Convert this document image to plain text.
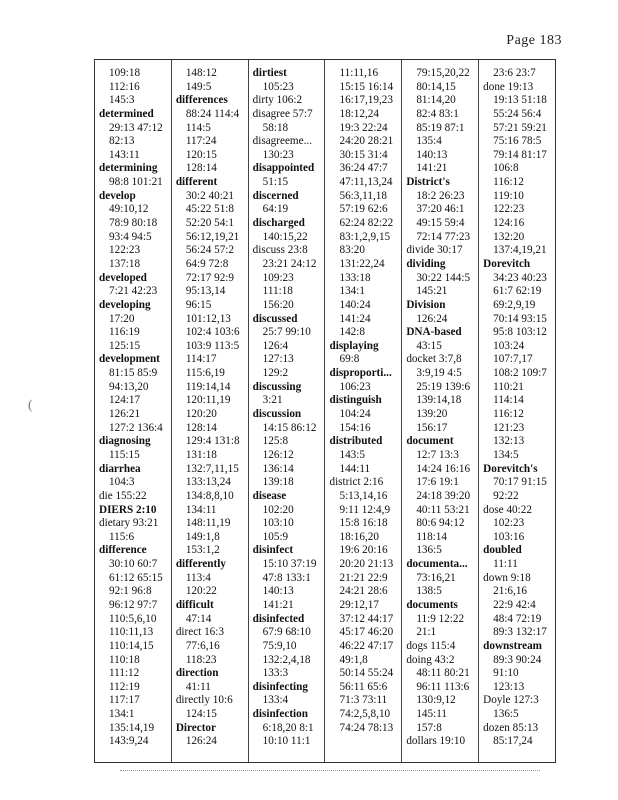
Page 183
(
109:18
112:16
145:3
determined
29:13 47:12
82:13
143:11
determining
98:8 101:21
develop
49:10,12
78:9 80:18
93:4 94:5
122:23
137:18
developed
7:21 42:23
developing
17:20
116:19
125:15
development
81:15 85:9
94:13,20
124:17
126:21
127:2 136:4
diagnosing
115:15
diarrhea
104:3
die 155:22
DIERS 2:10
dietary 93:21
115:6
difference
30:10 60:7
61:12 65:15
92:1 96:8
96:12 97:7
110:5,6,10
110:11,13
110:14,15
110:18
111:12
112:19
117:17
134:1
135:14,19
143:9,24
148:12
149:5
differences
88:24 114:4
114:5
117:24
120:15
128:14
different
30:2 40:21
45:22 51:8
52:20 54:1
56:12,19,21
56:24 57:2
64:9 72:8
72:17 92:9
95:13,14
96:15
101:12,13
102:4 103:6
103:9 113:5
114:17
115:6,19
119:14,14
120:11,19
120:20
128:14
129:4 131:8
131:18
132:7,11,15
133:13,24
134:8,8,10
134:11
148:11,19
149:1,8
153:1,2
differently
113:4
120:22
difficult
47:14
direct 16:3
77:6,16
118:23
direction
41:11
directly 10:6
124:15
Director
126:24
dirtiest
105:23
dirty 106:2
disagree 57:7
58:18
disagreeme...
130:23
disappointed
51:15
discerned
64:19
discharged
140:15,22
discuss 23:8
23:21 24:12
109:23
111:18
156:20
discussed
25:7 99:10
126:4
127:13
129:2
discussing
3:21
discussion
14:15 86:12
125:8
126:12
136:14
139:18
disease
102:20
103:10
105:9
disinfect
15:10 37:19
47:8 133:1
140:13
141:21
disinfected
67:9 68:10
75:9,10
132:2,4,18
133:3
disinfecting
133:4
disinfection
6:18,20 8:1
10:10 11:1
11:11,16
15:15 16:14
16:17,19,23
18:12,24
19:3 22:24
24:20 28:21
30:15 31:4
36:24 47:7
47:11,13,24
56:3,11,18
57:19 62:6
62:24 82:22
83:1,2,9,15
83:20
131:22,24
133:18
134:1
140:24
141:24
142:8
displaying
69:8
disproporti...
106:23
distinguish
104:24
154:16
distributed
143:5
144:11
district 2:16
5:13,14,16
9:11 12:4,9
15:8 16:18
18:16,20
19:6 20:16
20:20 21:13
21:21 22:9
24:21 28:6
29:12,17
37:12 44:17
45:17 46:20
46:22 47:17
49:1,8
50:14 55:24
56:11 65:6
71:3 73:11
74:2,5,8,10
74:24 78:13
79:15,20,22
80:14,15
81:14,20
82:4 83:1
85:19 87:1
135:4
140:13
141:21
District's
18:2 26:23
37:20 46:1
49:15 59:4
72:14 77:23
divide 30:17
dividing
30:22 144:5
145:21
Division
126:24
DNA-based
43:15
docket 3:7,8
3:9,19 4:5
25:19 139:6
139:14,18
139:20
156:17
document
12:7 13:3
14:24 16:16
17:6 19:1
24:18 39:20
40:11 53:21
80:6 94:12
118:14
136:5
documenta...
73:16,21
138:5
documents
11:9 12:22
21:1
dogs 115:4
doing 43:2
48:11 80:21
96:11 113:6
130:9,12
145:11
157:8
dollars 19:10
23:6 23:7
done 19:13
19:13 51:18
55:24 56:4
57:21 59:21
75:16 78:5
79:14 81:17
106:8
116:12
119:10
122:23
124:16
132:20
137:4,19,21
Dorevitch
34:23 40:23
61:7 62:19
69:2,9,19
70:14 93:15
95:8 103:12
103:24
107:7,17
108:2 109:7
110:21
114:14
116:12
121:23
132:13
134:5
Dorevitch's
70:17 91:15
92:22
dose 40:22
102:23
103:16
doubled
11:11
down 9:18
21:6,16
22:9 42:4
48:4 72:19
89:3 132:17
downstream
89:3 90:24
91:10
123:13
Doyle 127:3
136:5
dozen 85:13
85:17,24
